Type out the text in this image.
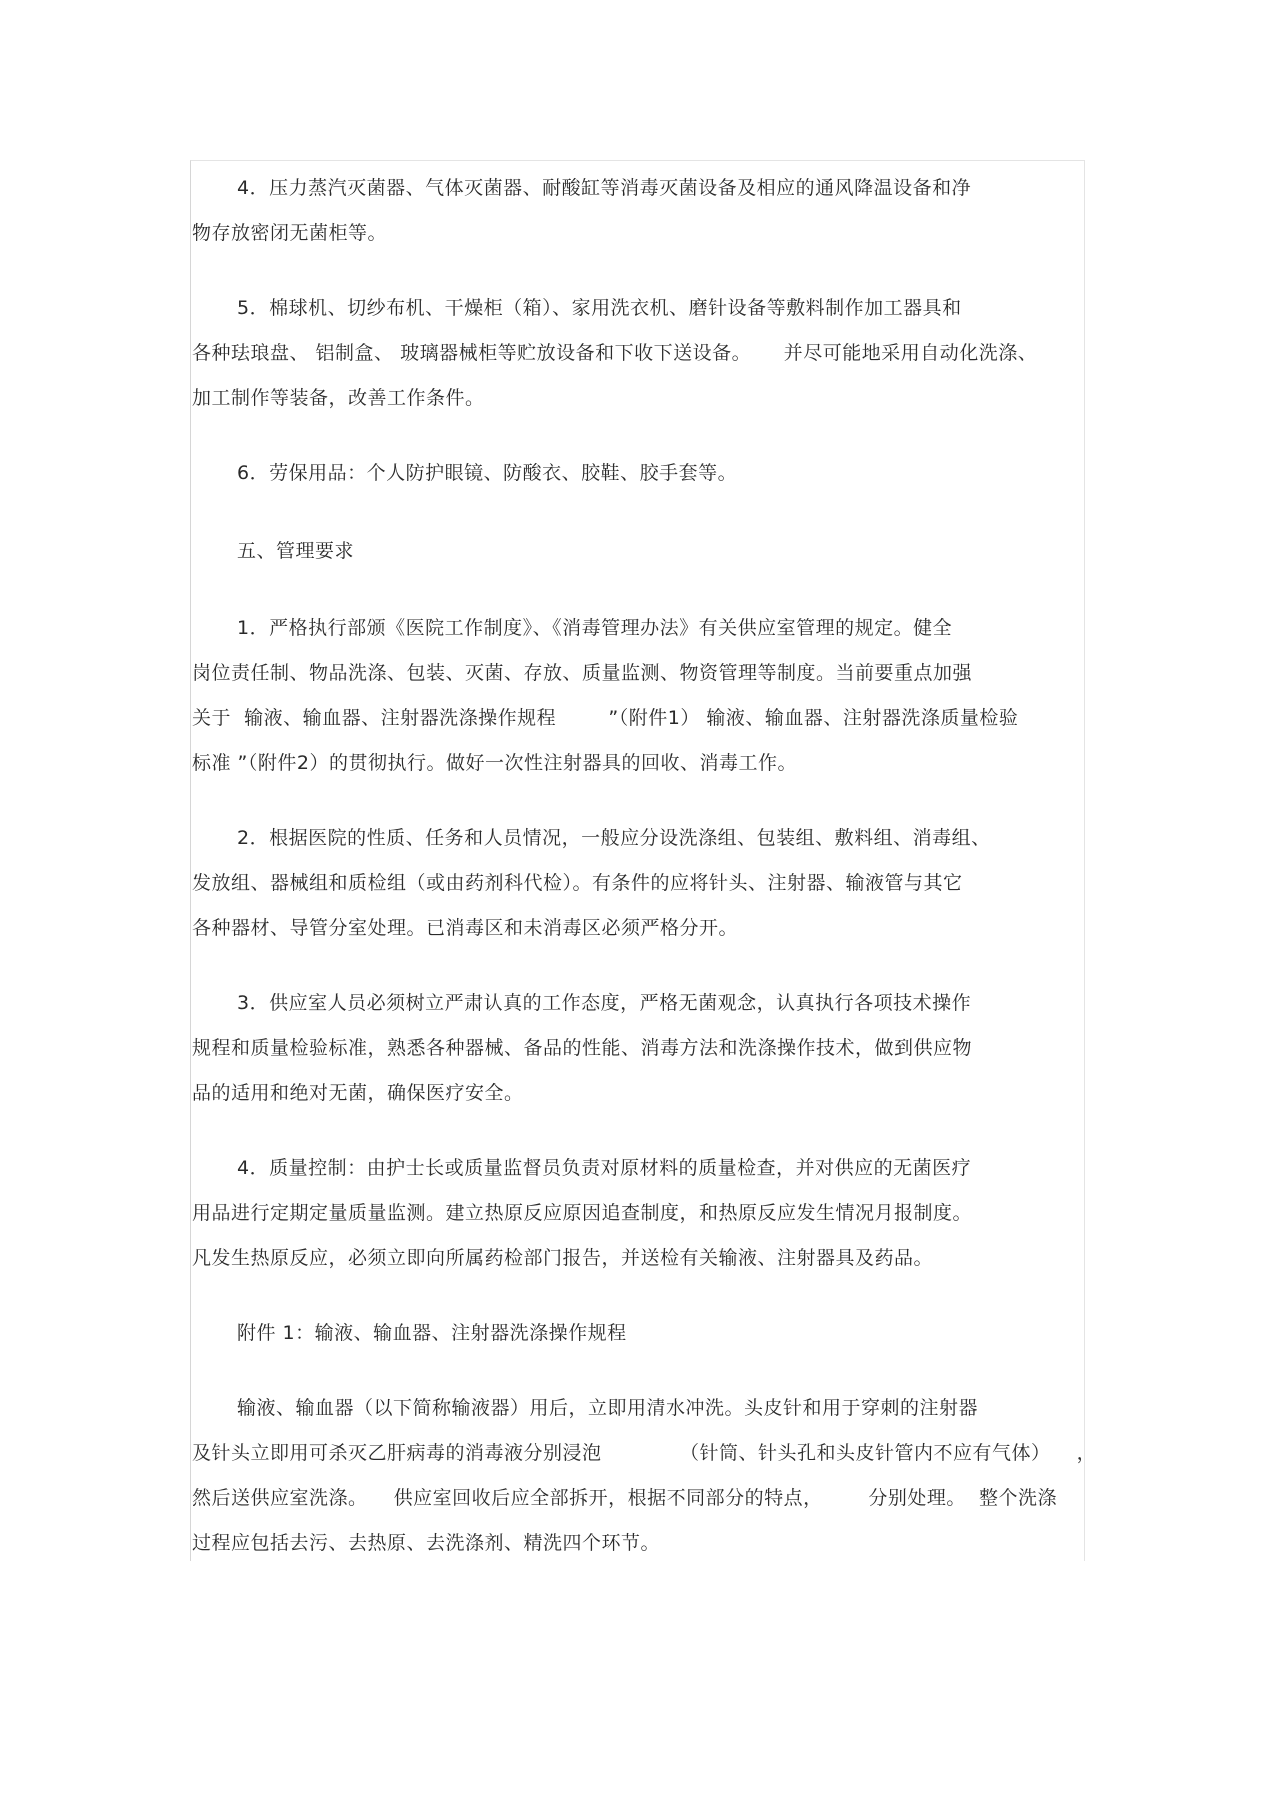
4．压力蒸汽灭菌器、气体灭菌器、耐酸缸等消毒灭菌设备及相应的通风降温设备和净
物存放密闭无菌柜等。
5．棉球机、切纱布机、干燥柜（箱）、家用洗衣机、磨针设备等敷料制作加工器具和
各种珐琅盘、 铝制盒、 玻璃器械柜等贮放设备和下收下送设备。     并尽可能地采用自动化洗涤、
加工制作等装备，改善工作条件。
6．劳保用品：个人防护眼镜、防酸衣、胶鞋、胶手套等。
五、管理要求
1．严格执行部颁《医院工作制度》、《消毒管理办法》有关供应室管理的规定。健全
岗位责任制、物品洗涤、包装、灭菌、存放、质量监测、物资管理等制度。当前要重点加强
关于  输液、输血器、注射器洗涤操作规程        ”（附件1） 输液、输血器、注射器洗涤质量检验
标准 ”（附件2）的贯彻执行。做好一次性注射器具的回收、消毒工作。
2．根据医院的性质、任务和人员情况，一般应分设洗涤组、包装组、敷料组、消毒组、
发放组、器械组和质检组（或由药剂科代检）。有条件的应将针头、注射器、输液管与其它
各种器材、导管分室处理。已消毒区和未消毒区必须严格分开。
3．供应室人员必须树立严肃认真的工作态度，严格无菌观念，认真执行各项技术操作
规程和质量检验标准，熟悉各种器械、备品的性能、消毒方法和洗涤操作技术，做到供应物
品的适用和绝对无菌，确保医疗安全。
4．质量控制：由护士长或质量监督员负责对原材料的质量检查，并对供应的无菌医疗
用品进行定期定量质量监测。建立热原反应原因追查制度，和热原反应发生情况月报制度。
凡发生热原反应，必须立即向所属药检部门报告，并送检有关输液、注射器具及药品。
附件 1：输液、输血器、注射器洗涤操作规程
输液、输血器（以下简称输液器）用后，立即用清水冲洗。头皮针和用于穿刺的注射器
及针头立即用可杀灭乙肝病毒的消毒液分别浸泡            （针筒、针头孔和头皮针管内不应有气体）    ，
然后送供应室洗涤。    供应室回收后应全部拆开，根据不同部分的特点，       分别处理。  整个洗涤
过程应包括去污、去热原、去洗涤剂、精洗四个环节。
